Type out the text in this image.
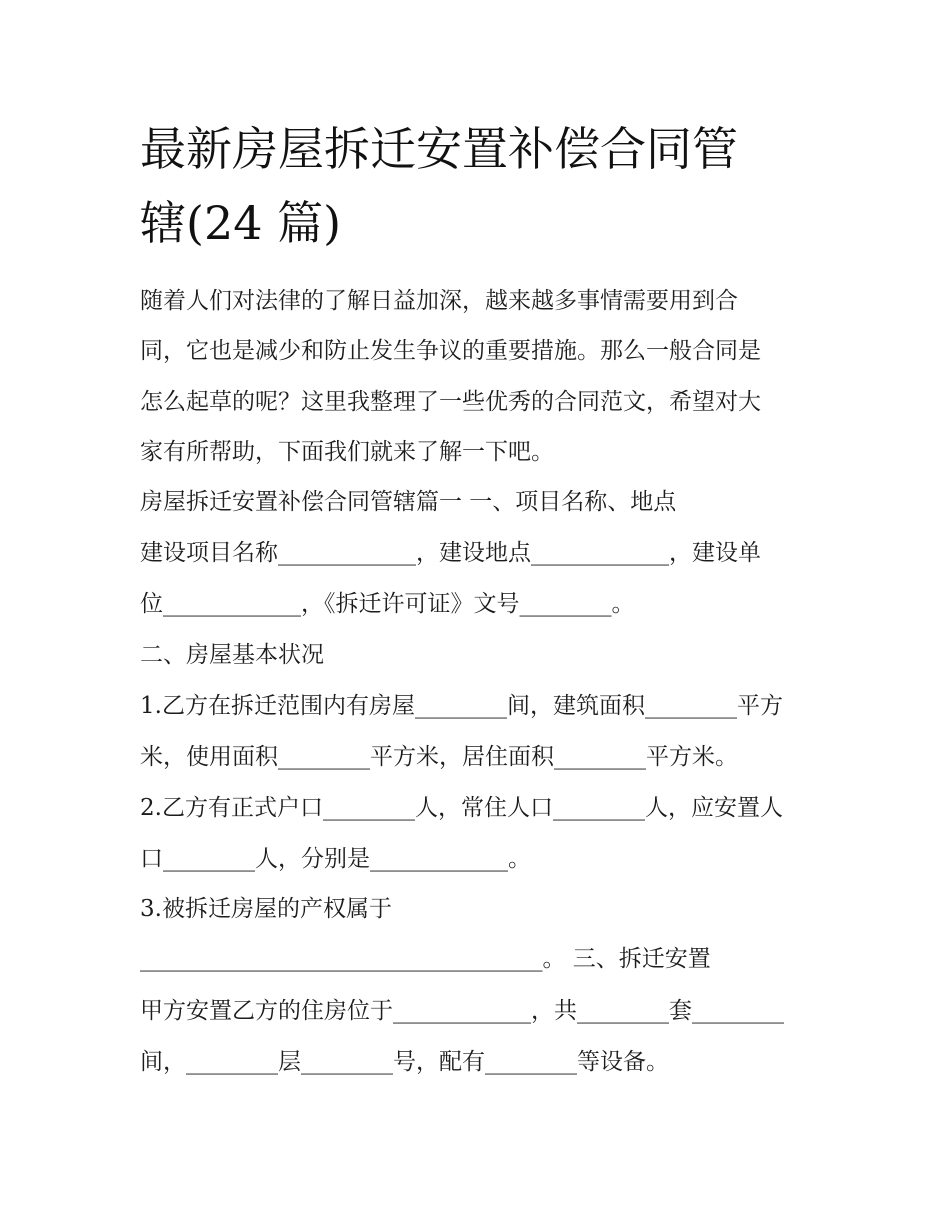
最新房屋拆迁安置补偿合同管
辖(24 篇)
随着人们对法律的了解日益加深，越来越多事情需要用到合
同，它也是减少和防止发生争议的重要措施。那么一般合同是
怎么起草的呢？这里我整理了一些优秀的合同范文，希望对大
家有所帮助，下面我们就来了解一下吧。
房屋拆迁安置补偿合同管辖篇一 一、项目名称、地点
建设项目名称____________，建设地点____________，建设单
位____________，《拆迁许可证》文号________。
二、房屋基本状况
1.乙方在拆迁范围内有房屋________间，建筑面积________平方
米，使用面积________平方米，居住面积________平方米。
2.乙方有正式户口________人，常住人口________人，应安置人
口________人，分别是____________。
3.被拆迁房屋的产权属于
___________________________________。 三、拆迁安置
甲方安置乙方的住房位于____________，共________套________
间，________层________号，配有________等设备。
